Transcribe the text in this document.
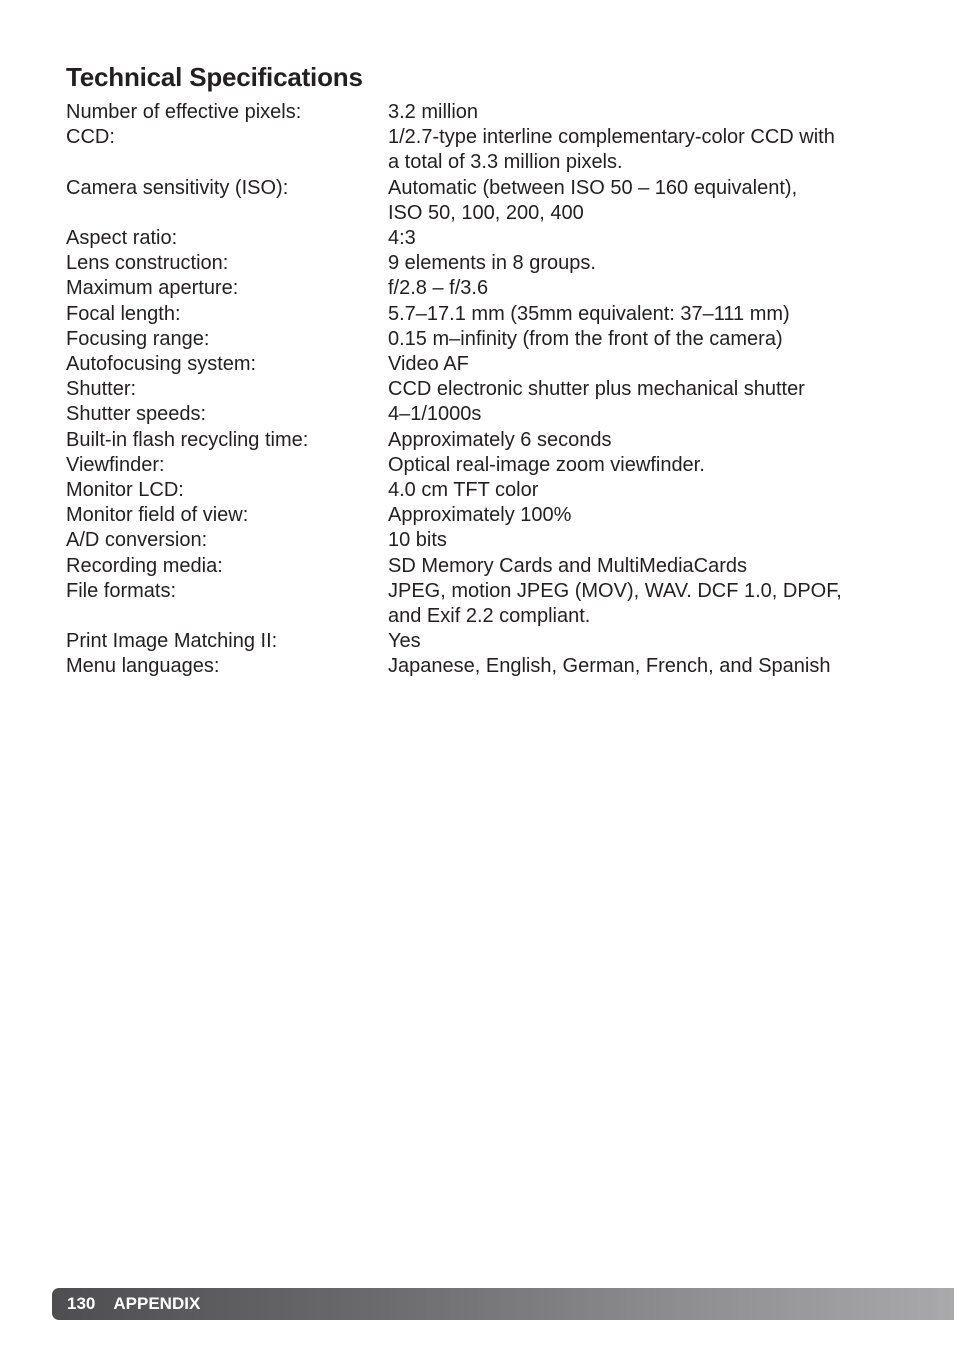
Technical Specifications
Number of effective pixels:	3.2 million
CCD:	1/2.7-type interline complementary-color CCD with
a total of 3.3 million pixels.
Camera sensitivity (ISO):	Automatic (between ISO 50 – 160 equivalent),
ISO 50, 100, 200, 400
Aspect ratio:	4:3
Lens construction:	9 elements in 8 groups.
Maximum aperture:	f/2.8 – f/3.6
Focal length:	5.7–17.1 mm (35mm equivalent: 37–111 mm)
Focusing range:	0.15 m–infinity (from the front of the camera)
Autofocusing system:	Video AF
Shutter:	CCD electronic shutter plus mechanical shutter
Shutter speeds:	4–1/1000s
Built-in flash recycling time:	Approximately 6 seconds
Viewfinder:	Optical real-image zoom viewfinder.
Monitor LCD:	4.0 cm TFT color
Monitor field of view:	Approximately 100%
A/D conversion:	10 bits
Recording media:	SD Memory Cards and MultiMediaCards
File formats:	JPEG, motion JPEG (MOV), WAV. DCF 1.0, DPOF,
and Exif 2.2 compliant.
Print Image Matching II:	Yes
Menu languages:	Japanese, English, German, French, and Spanish
130 APPENDIX
